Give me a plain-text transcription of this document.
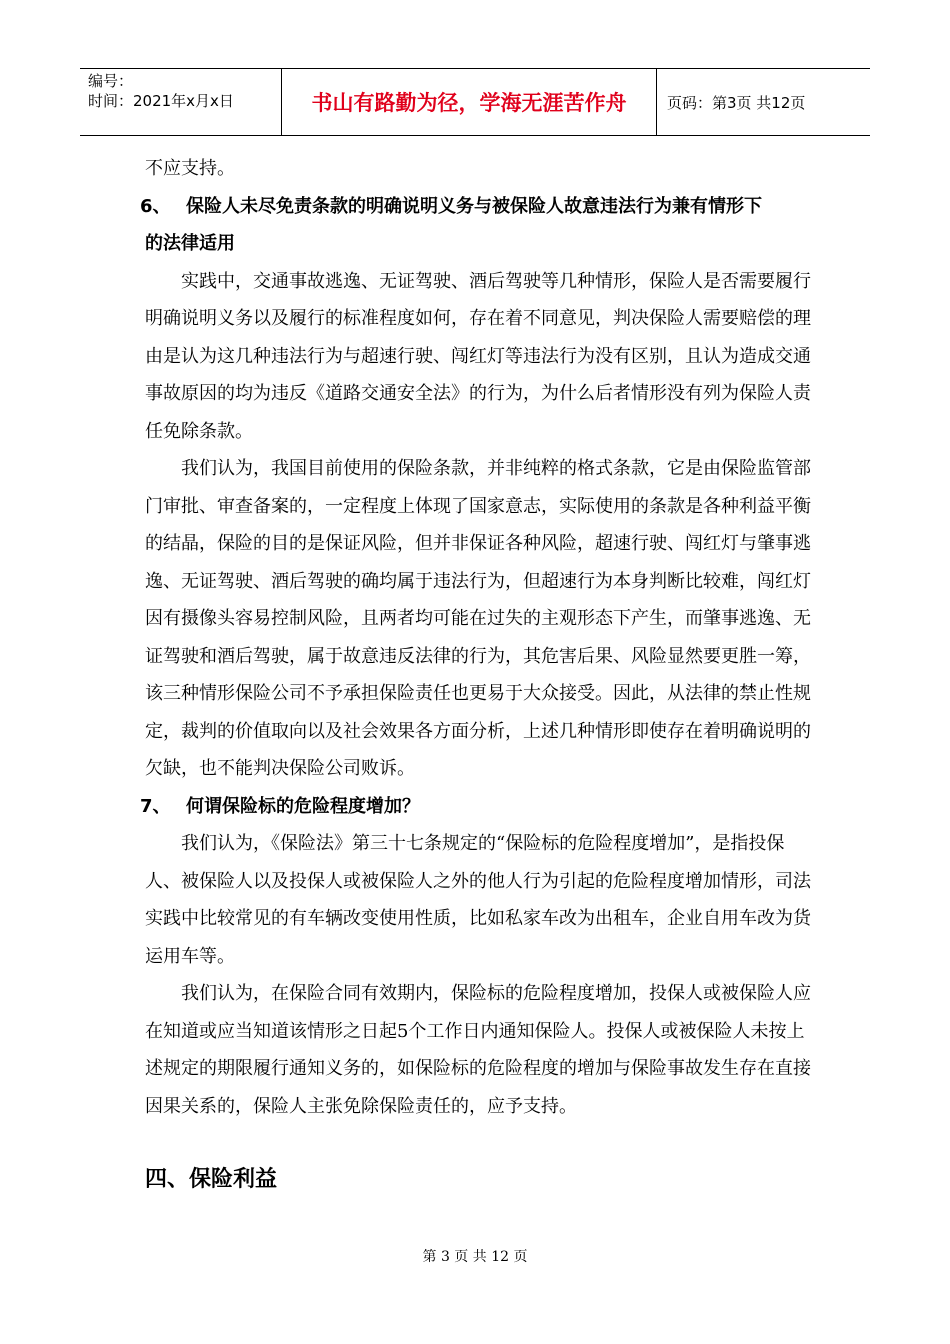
编号：
时间：2021年x月x日	书山有路勤为径，学海无涯苦作舟	页码：第3页 共12页

不应支持。

6、 保险人未尽免责条款的明确说明义务与被保险人故意违法行为兼有情形下

的法律适用

实践中，交通事故逃逸、无证驾驶、酒后驾驶等几种情形，保险人是否需要履行明确说明义务以及履行的标准程度如何，存在着不同意见，判决保险人需要赔偿的理由是认为这几种违法行为与超速行驶、闯红灯等违法行为没有区别，且认为造成交通事故原因的均为违反《道路交通安全法》的行为，为什么后者情形没有列为保险人责任免除条款。

我们认为，我国目前使用的保险条款，并非纯粹的格式条款，它是由保险监管部门审批、审查备案的，一定程度上体现了国家意志，实际使用的条款是各种利益平衡的结晶，保险的目的是保证风险，但并非保证各种风险，超速行驶、闯红灯与肇事逃逸、无证驾驶、酒后驾驶的确均属于违法行为，但超速行为本身判断比较难，闯红灯因有摄像头容易控制风险，且两者均可能在过失的主观形态下产生，而肇事逃逸、无证驾驶和酒后驾驶，属于故意违反法律的行为，其危害后果、风险显然要更胜一筹，该三种情形保险公司不予承担保险责任也更易于大众接受。因此，从法律的禁止性规定，裁判的价值取向以及社会效果各方面分析，上述几种情形即使存在着明确说明的欠缺，也不能判决保险公司败诉。

7、 何谓保险标的危险程度增加？

我们认为，《保险法》第三十七条规定的“保险标的危险程度增加”，是指投保人、被保险人以及投保人或被保险人之外的他人行为引起的危险程度增加情形，司法实践中比较常见的有车辆改变使用性质，比如私家车改为出租车，企业自用车改为货运用车等。

我们认为，在保险合同有效期内，保险标的危险程度增加，投保人或被保险人应在知道或应当知道该情形之日起5个工作日内通知保险人。投保人或被保险人未按上述规定的期限履行通知义务的，如保险标的危险程度的增加与保险事故发生存在直接因果关系的，保险人主张免除保险责任的，应予支持。

四、保险利益
第 3 页 共 12 页
